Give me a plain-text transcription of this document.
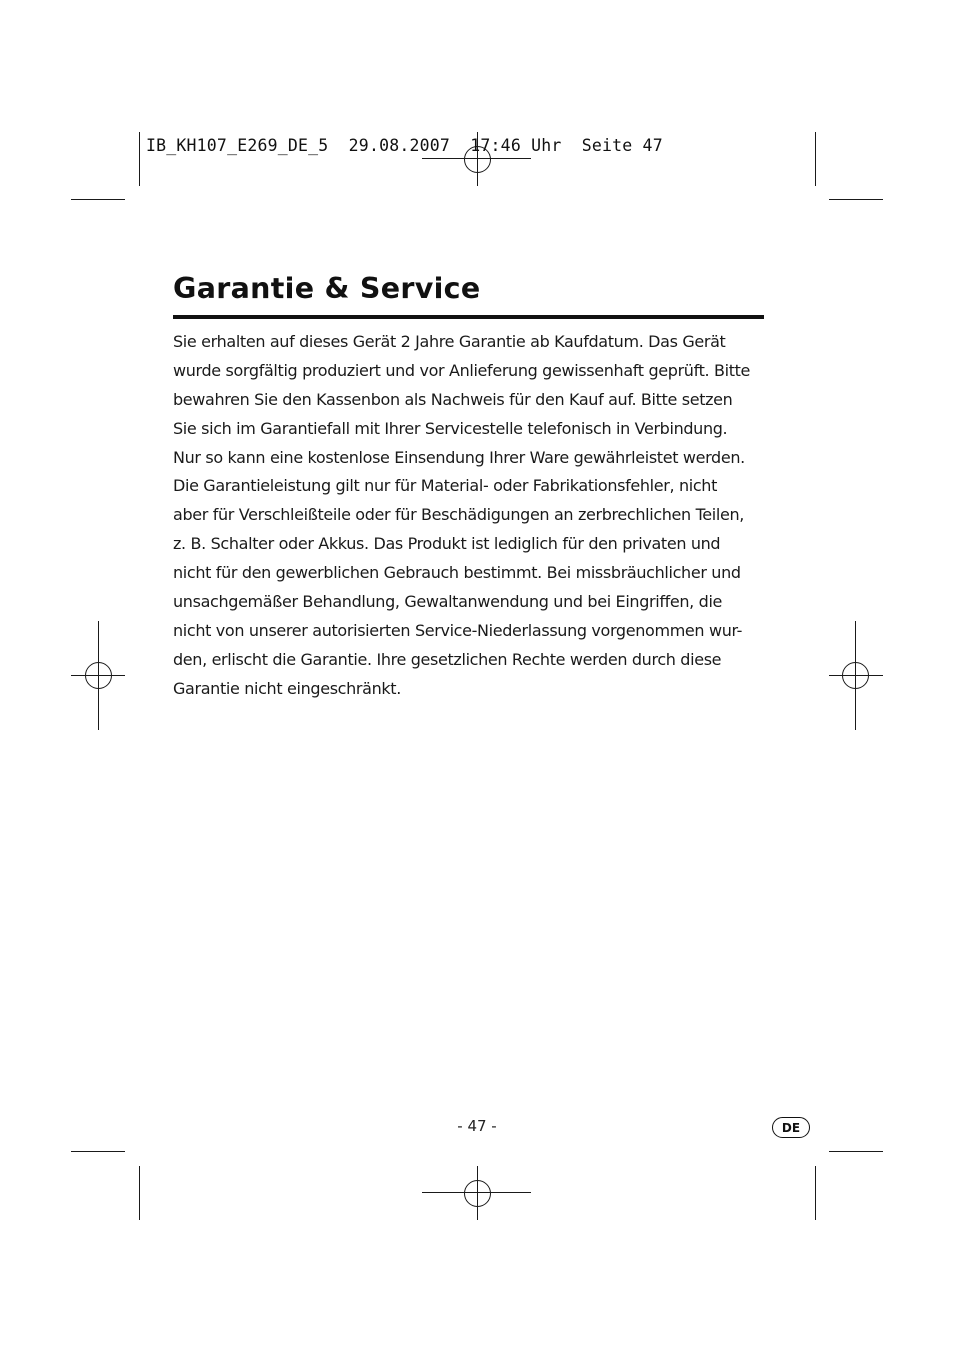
IB_KH107_E269_DE_5  29.08.2007  17:46 Uhr  Seite 47
Garantie & Service
Sie erhalten auf dieses Gerät 2 Jahre Garantie ab Kaufdatum. Das Gerät
wurde sorgfältig produziert und vor Anlieferung gewissenhaft geprüft. Bitte
bewahren Sie den Kassenbon als Nachweis für den Kauf auf. Bitte setzen
Sie sich im Garantiefall mit Ihrer Servicestelle telefonisch in Verbindung.
Nur so kann eine kostenlose Einsendung Ihrer Ware gewährleistet werden.
Die Garantieleistung gilt nur für Material- oder Fabrikationsfehler, nicht
aber für Verschleißteile oder für Beschädigungen an zerbrechlichen Teilen,
z. B. Schalter oder Akkus. Das Produkt ist lediglich für den privaten und
nicht für den gewerblichen Gebrauch bestimmt. Bei missbräuchlicher und
unsachgemäßer Behandlung, Gewaltanwendung und bei Eingriffen, die
nicht von unserer autorisierten Service-Niederlassung vorgenommen wur-
den, erlischt die Garantie. Ihre gesetzlichen Rechte werden durch diese
Garantie nicht eingeschränkt.
- 47 -	DE
